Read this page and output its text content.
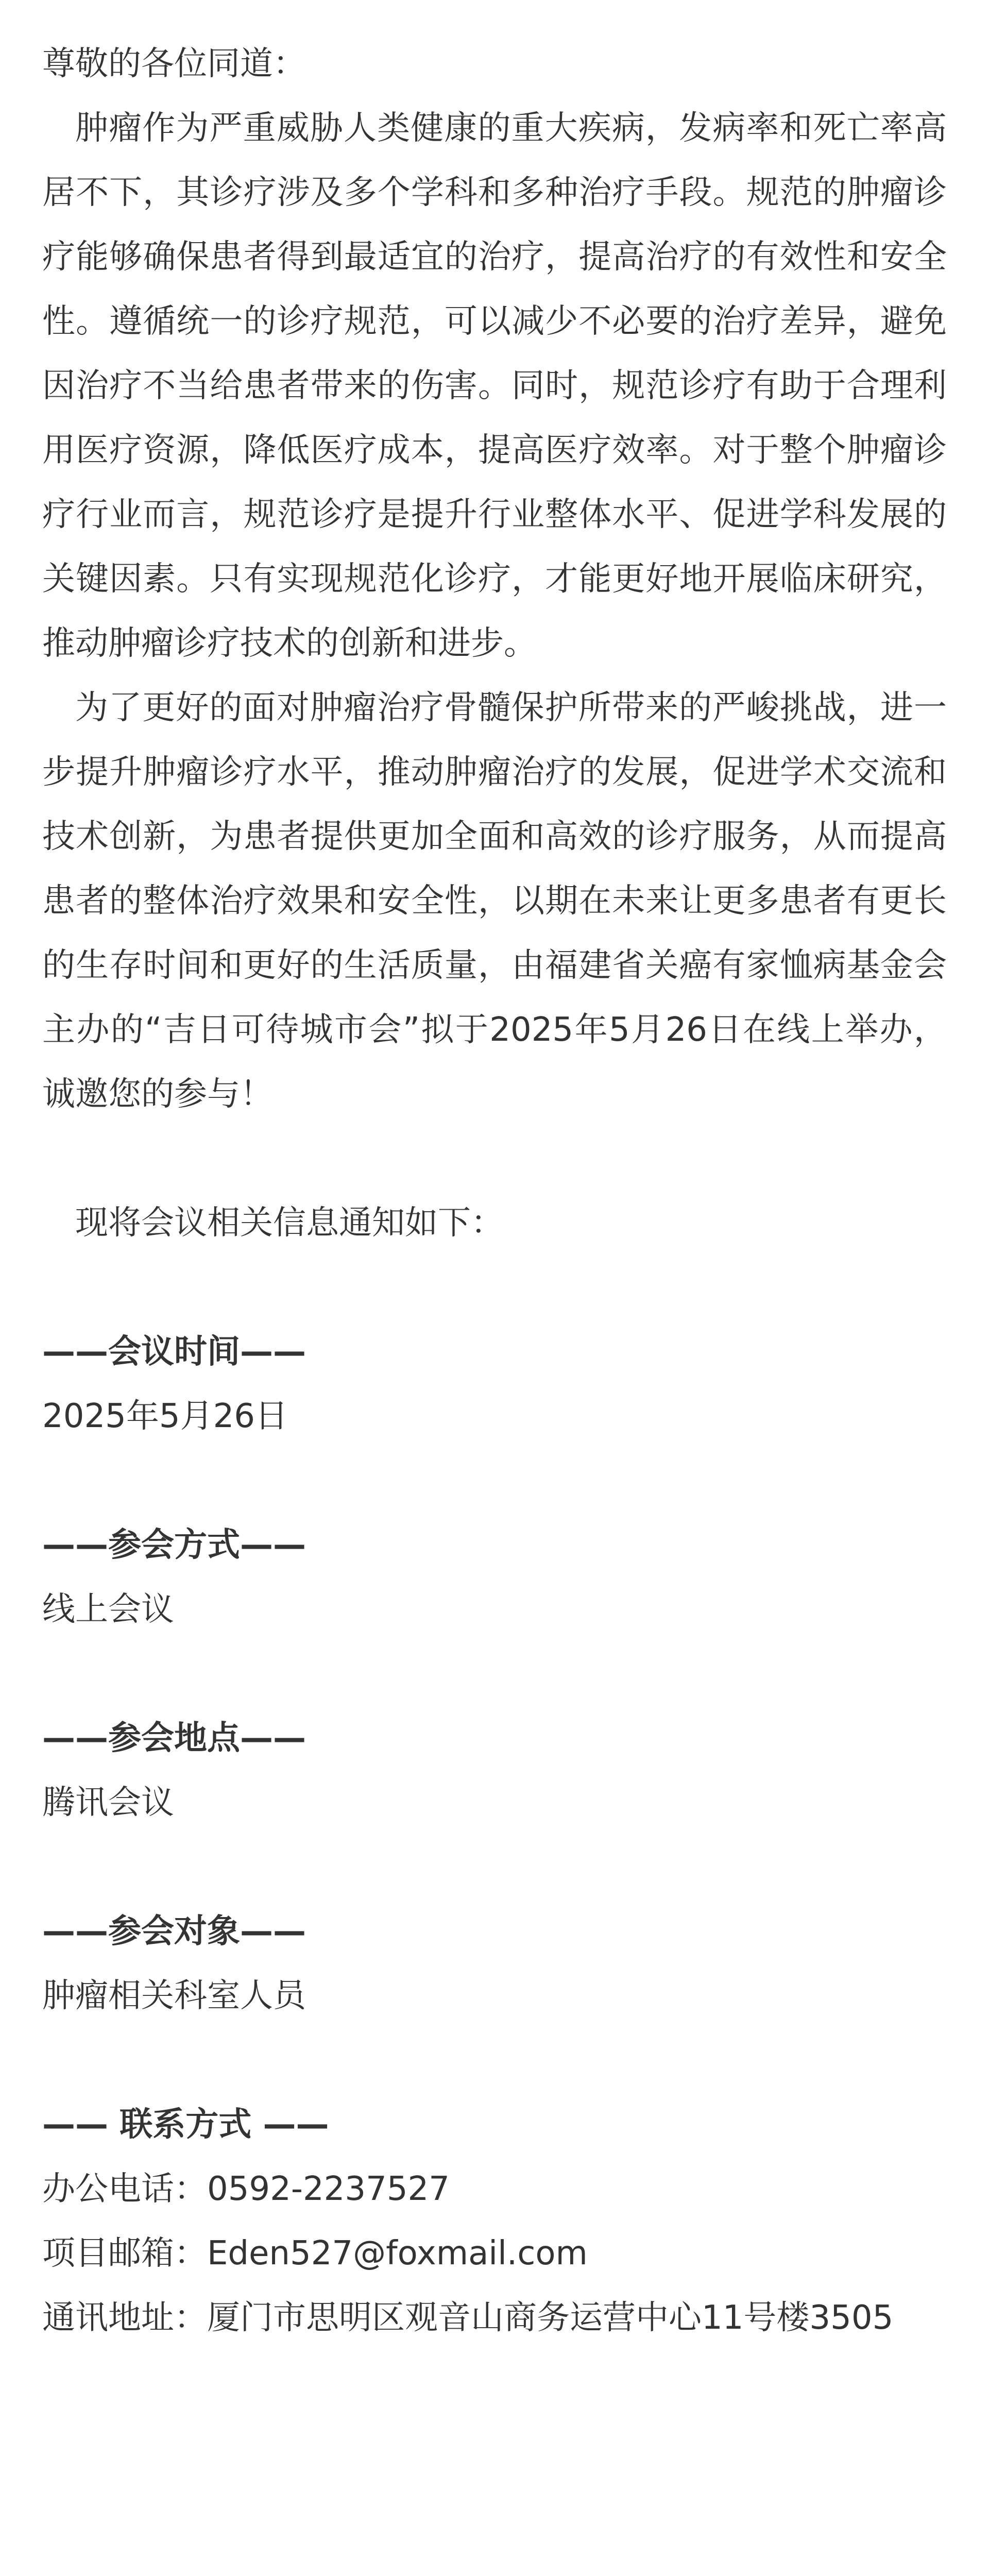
尊敬的各位同道：

肿瘤作为严重威胁人类健康的重大疾病，发病率和死亡率高居不下，其诊疗涉及多个学科和多种治疗手段。规范的肿瘤诊疗能够确保患者得到最适宜的治疗，提高治疗的有效性和安全性。遵循统一的诊疗规范，可以减少不必要的治疗差异，避免因治疗不当给患者带来的伤害。同时，规范诊疗有助于合理利用医疗资源，降低医疗成本，提高医疗效率。对于整个肿瘤诊疗行业而言，规范诊疗是提升行业整体水平、促进学科发展的关键因素。只有实现规范化诊疗，才能更好地开展临床研究，推动肿瘤诊疗技术的创新和进步。

为了更好的面对肿瘤治疗骨髓保护所带来的严峻挑战，进一步提升肿瘤诊疗水平，推动肿瘤治疗的发展，促进学术交流和技术创新，为患者提供更加全面和高效的诊疗服务，从而提高患者的整体治疗效果和安全性，以期在未来让更多患者有更长的生存时间和更好的生活质量，由福建省关癌有家恤病基金会主办的“吉日可待城市会”拟于2025年5月26日在线上举办，诚邀您的参与！

现将会议相关信息通知如下：

——会议时间——

2025年5月26日

——参会方式——

线上会议

——参会地点——

腾讯会议

——参会对象——

肿瘤相关科室人员

—— 联系方式 ——

办公电话：0592-2237527

项目邮箱：Eden527@foxmail.com

通讯地址：厦门市思明区观音山商务运营中心11号楼3505
